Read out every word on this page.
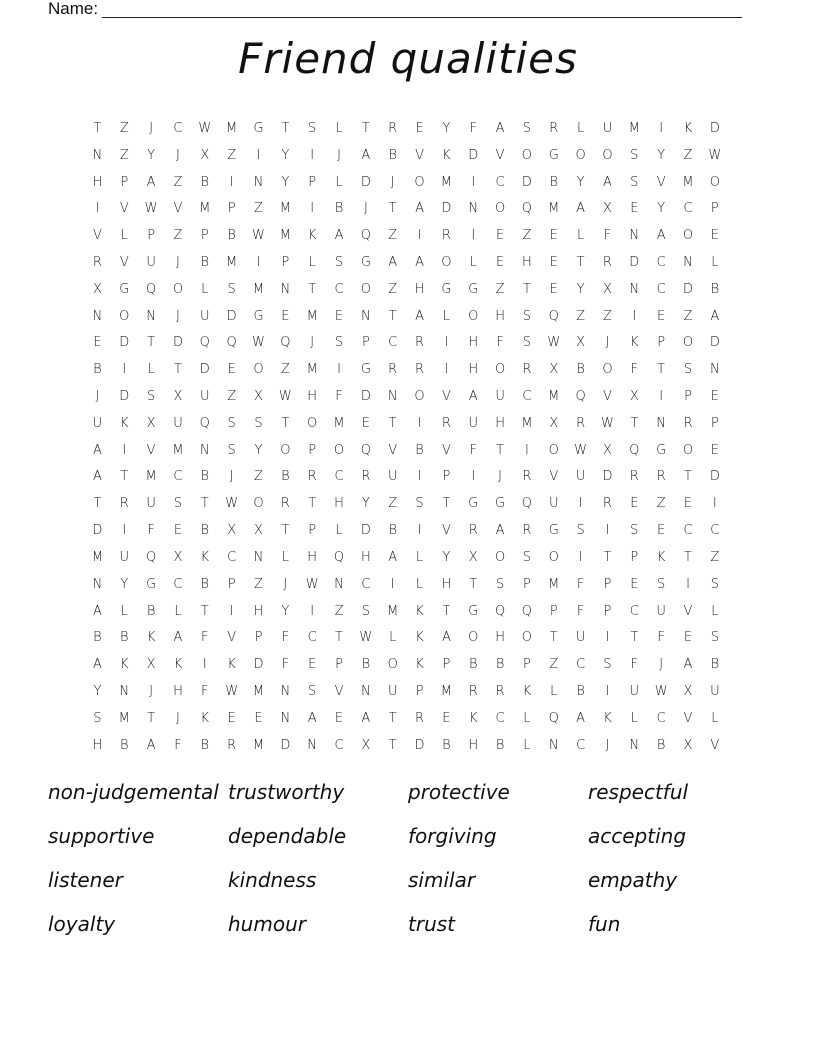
Name:
Friend qualities
T	Z	J	C	W	M	G	T	S	L	T	R	E	Y	F	A	S	R	L	U	M	I	K	D
N	Z	Y	J	X	Z	I	Y	I	J	A	B	V	K	D	V	O	G	O	O	S	Y	Z	W
H	P	A	Z	B	I	N	Y	P	L	D	J	O	M	I	C	D	B	Y	A	S	V	M	O
I	V	W	V	M	P	Z	M	I	B	J	T	A	D	N	O	Q	M	A	X	E	Y	C	P
V	L	P	Z	P	B	W	M	K	A	Q	Z	I	R	I	E	Z	E	L	F	N	A	O	E
R	V	U	J	B	M	I	P	L	S	G	A	A	O	L	E	H	E	T	R	D	C	N	L
X	G	Q	O	L	S	M	N	T	C	O	Z	H	G	G	Z	T	E	Y	X	N	C	D	B
N	O	N	J	U	D	G	E	M	E	N	T	A	L	O	H	S	Q	Z	Z	I	E	Z	A
E	D	T	D	Q	Q	W	Q	J	S	P	C	R	I	H	F	S	W	X	J	K	P	O	D
B	I	L	T	D	E	O	Z	M	I	G	R	R	I	H	O	R	X	B	O	F	T	S	N
J	D	S	X	U	Z	X	W	H	F	D	N	O	V	A	U	C	M	Q	V	X	I	P	E
U	K	X	U	Q	S	S	T	O	M	E	T	I	R	U	H	M	X	R	W	T	N	R	P
A	I	V	M	N	S	Y	O	P	O	Q	V	B	V	F	T	I	O	W	X	Q	G	O	E
A	T	M	C	B	J	Z	B	R	C	R	U	I	P	I	J	R	V	U	D	R	R	T	D
T	R	U	S	T	W	O	R	T	H	Y	Z	S	T	G	G	Q	U	I	R	E	Z	E	I
D	I	F	E	B	X	X	T	P	L	D	B	I	V	R	A	R	G	S	I	S	E	C	C
M	U	Q	X	K	C	N	L	H	Q	H	A	L	Y	X	O	S	O	I	T	P	K	T	Z
N	Y	G	C	B	P	Z	J	W	N	C	I	L	H	T	S	P	M	F	P	E	S	I	S
A	L	B	L	T	I	H	Y	I	Z	S	M	K	T	G	Q	Q	P	F	P	C	U	V	L
B	B	K	A	F	V	P	F	C	T	W	L	K	A	O	H	O	T	U	I	T	F	E	S
A	K	X	K	I	K	D	F	E	P	B	O	K	P	B	B	P	Z	C	S	F	J	A	B
Y	N	J	H	F	W	M	N	S	V	N	U	P	M	R	R	K	L	B	I	U	W	X	U
S	M	T	J	K	E	E	N	A	E	A	T	R	E	K	C	L	Q	A	K	L	C	V	L
H	B	A	F	B	R	M	D	N	C	X	T	D	B	H	B	L	N	C	J	N	B	X	V
non-judgemental trustworthy	protective	respectful
supportive	dependable	forgiving	accepting
listener	kindness	similar	empathy
loyalty	humour	trust	fun
